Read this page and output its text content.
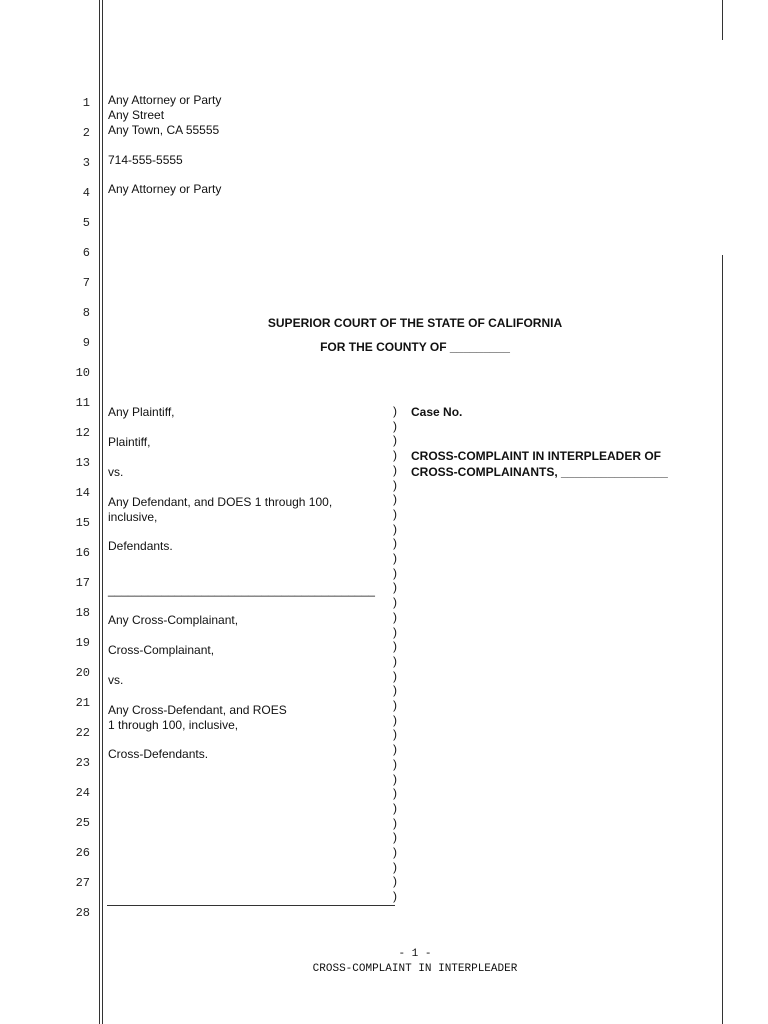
1
2
3
4
5
6
7
8
9
10
11
12
13
14
15
16
17
18
19
20
21
22
23
24
25
26
27
28
Any Attorney or Party
Any Street
Any Town, CA 55555
714-555-5555
Any Attorney or Party
SUPERIOR COURT OF THE STATE OF CALIFORNIA
FOR THE COUNTY OF _________
Any Plaintiff,
Plaintiff,
vs.
Any Defendant, and DOES 1 through 100,
inclusive,
Defendants.
________________________________________
Any Cross-Complainant,
Cross-Complainant,
vs.
Any Cross-Defendant, and ROES
1 through 100, inclusive,
Cross-Defendants.
)
)
)
)
)
)
)
)
)
)
)
)
)
)
)
)
)
)
)
)
)
)
)
)
)
)
)
)
)
)
)
)
)
)
Case No.
CROSS-COMPLAINT IN INTERPLEADER OF
CROSS-COMPLAINANTS, ________________
- 1 -
CROSS-COMPLAINT IN INTERPLEADER
